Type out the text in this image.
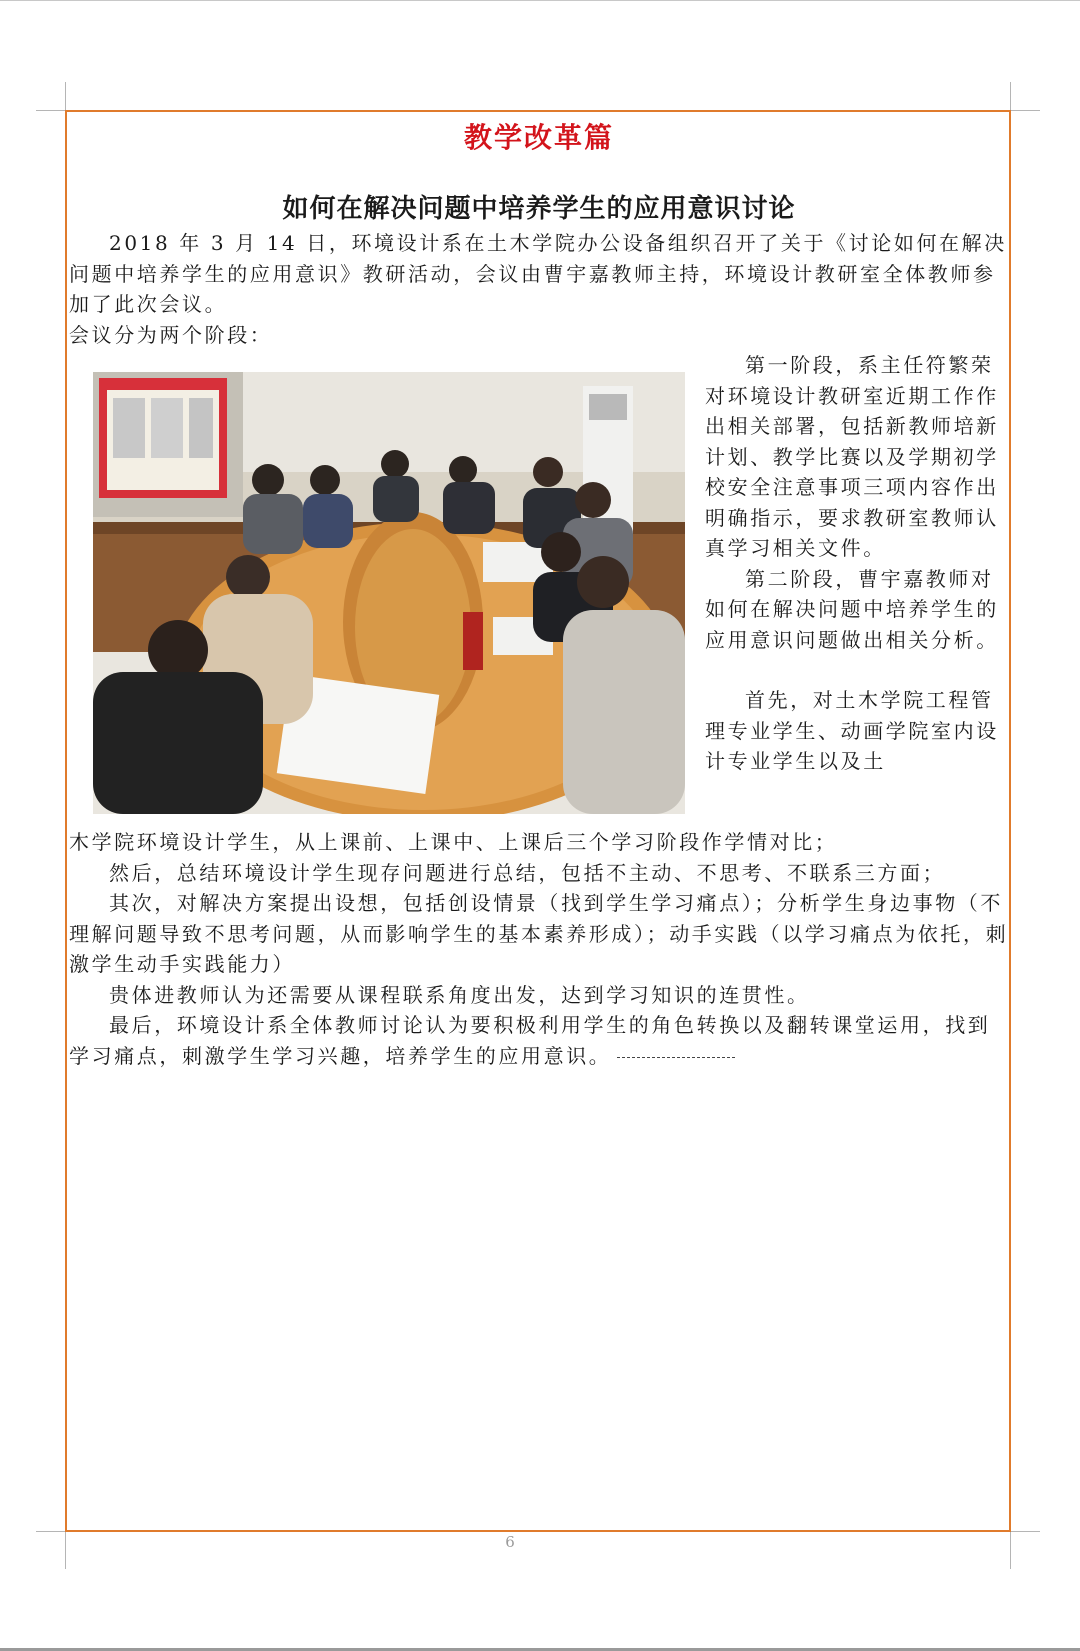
教学改革篇
如何在解决问题中培养学生的应用意识讨论

2018 年 3 月 14 日，环境设计系在土木学院办公设备组织召开了关于《讨论如何在解决问题中培养学生的应用意识》教研活动，会议由曹宇嘉教师主持，环境设计教研室全体教师参加了此次会议。

会议分为两个阶段：

第一阶段，系主任符繁荣对环境设计教研室近期工作作出相关部署，包括新教师培新计划、教学比赛以及学期初学校安全注意事项三项内容作出明确指示，要求教研室教师认真学习相关文件。

第二阶段，曹宇嘉教师对如何在解决问题中培养学生的应用意识问题做出相关分析。

首先，对土木学院工程管理专业学生、动画学院室内设计专业学生以及土

木学院环境设计学生，从上课前、上课中、上课后三个学习阶段作学情对比；

然后，总结环境设计学生现存问题进行总结，包括不主动、不思考、不联系三方面；

其次，对解决方案提出设想，包括创设情景（找到学生学习痛点）；分析学生身边事物（不理解问题导致不思考问题，从而影响学生的基本素养形成）；动手实践（以学习痛点为依托，刺激学生动手实践能力）

贵体进教师认为还需要从课程联系角度出发，达到学习知识的连贯性。

最后，环境设计系全体教师讨论认为要积极利用学生的角色转换以及翻转课堂运用，找到学习痛点，刺激学生学习兴趣，培养学生的应用意识。

6
